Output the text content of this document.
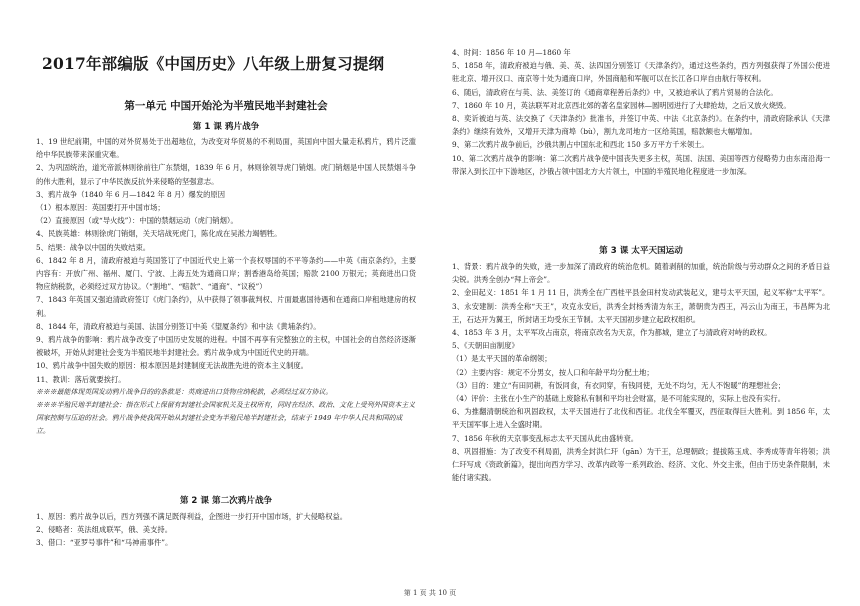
2017年部编版《中国历史》八年级上册复习提纲
第一单元 中国开始沦为半殖民地半封建社会
第 1 课 鸦片战争

1、19 世纪前期，中国的对外贸易处于出超地位，为改变对华贸易的不利局面，英国向中国大量走私鸦片，鸦片泛滥给中华民族带来深重灾难。

2、为巩固统治，道光帝派林则徐前往广东禁烟，1839 年 6 月，林则徐领导虎门销烟。虎门销烟是中国人民禁烟斗争的伟大胜利，显示了中华民族反抗外来侵略的坚强意志。

3、鸦片战争（1840 年 6 月—1842 年 8 月）爆发的原因

（1）根本原因：英国要打开中国市场；

（2）直接原因（或“导火线”）：中国的禁烟运动（虎门销烟）。

4、民族英雄：林则徐虎门销烟，关天培战死虎门，陈化成在吴淞力竭牺牲。

5、结果：战争以中国的失败结束。

6、1842 年 8 月，清政府被迫与英国签订了中国近代史上第一个丧权辱国的不平等条约——中英《南京条约》，主要内容有：开放广州、福州、厦门、宁波、上海五处为通商口岸；割香港岛给英国；赔款 2100 万银元；英商进出口货物应纳税款，必须经过双方协议。（“割地”、“赔款”、“通商”、“议税”）

7、1843 年英国又强迫清政府签订《虎门条约》，从中获得了领事裁判权、片面最惠国待遇和在通商口岸租地建房的权利。

8、1844 年，清政府被迫与美国、法国分别签订中美《望厦条约》和中法《黄埔条约》。

9、鸦片战争的影响：鸦片战争改变了中国历史发展的进程。中国不再享有完整独立的主权，中国社会的自然经济逐渐被破坏，开始从封建社会变为半殖民地半封建社会。鸦片战争成为中国近代史的开端。

10、鸦片战争中国失败的原因：根本原因是封建制度无法战胜先进的资本主义制度。

11、教训：落后就要挨打。

※※※最能体现英国发动鸦片战争目的的条款是：英商进出口货物应纳税款，必须经过双方协议。

※※※半殖民地半封建社会：指在形式上保留有封建社会国家机关及主权所有，同时在经济、政治、文化上受列外国资本主义国家控制与压迫的社会。鸦片战争使我国开始从封建社会变为半殖民地半封建社会，结束于 1949 年中华人民共和国的成立。

第 2 课 第二次鸦片战争

1、原因：鸦片战争以后，西方列强不满足既得利益，企图进一步打开中国市场，扩大侵略权益。

2、侵略者：英法组成联军，俄、美支持。

3、借口：“亚罗号事件”和“马神甫事件”。

4、时间：1856 年 10 月—1860 年

5、1858 年，清政府被迫与俄、美、英、法四国分别签订《天津条约》，通过这些条约，西方列强获得了外国公使进驻北京、增开汉口、南京等十处为通商口岸，外国商船和军舰可以在长江各口岸自由航行等权利。

6、随后，清政府在与英、法、美签订的《通商章程善后条约》中，又被迫承认了鸦片贸易的合法化。

7、1860 年 10 月，英法联军对北京西北郊的著名皇家园林—圆明园进行了大肆抢劫，之后又放火烧毁。

8、奕䜣被迫与英、法交换了《天津条约》批准书，并签订中英、中法《北京条约》。在条约中，清政府除承认《天津条约》继续有效外，又增开天津为商埠（bù），割九龙司地方一区给英国，赔款额也大幅增加。

9、第二次鸦片战争前后，沙俄共割占中国东北和西北 150 多万平方千米领土。

10、第二次鸦片战争的影响：第二次鸦片战争使中国丧失更多主权，英国、法国、美国等西方侵略势力由东南沿海一带深入到长江中下游地区，沙俄占领中国北方大片领土，中国的半殖民地化程度进一步加深。

第 3 课 太平天国运动

1、背景：鸦片战争的失败，进一步加深了清政府的统治危机。随着剥削的加重，统治阶级与劳动群众之间的矛盾日益尖锐。洪秀全创办“拜上帝会”。

2、金田起义：1851 年 1 月 11 日，洪秀全在广西桂平县金田村发动武装起义，建号太平天国，起义军称“太平军”。

3、永安建制：洪秀全称“天王”，攻克永安后，洪秀全封杨秀清为东王，萧朝贵为西王，冯云山为南王，韦昌辉为北王，石达开为翼王，所封诸王均受东王节制。太平天国初步建立起政权组织。

4、1853 年 3 月，太平军攻占南京，将南京改名为天京，作为都城，建立了与清政府对峙的政权。

5、《天朝田亩制度》

（1）是太平天国的革命纲领；

（2）主要内容：规定不分男女，按人口和年龄平均分配土地；

（3）目的：建立“有田同耕，有饭同食，有衣同穿，有钱同使，无处不均匀，无人不饱暖”的理想社会；

（4）评价：主张在小生产的基础上废除私有制和平均社会财富，是不可能实现的，实际上也没有实行。

6、为推翻清朝统治和巩固政权，太平天国进行了北伐和西征。北伐全军覆灭，西征取得巨大胜利。到 1856 年，太平天国军事上进入全盛时期。

7、1856 年秋的天京事变乱标志太平天国从此由盛转衰。

8、巩固措施：为了改变不利局面，洪秀全封洪仁玕（gān）为干王，总理朝政；提拔陈玉成、李秀成等青年将领；洪仁玕写成《资政新篇》，提出向西方学习、改革内政等一系列政治、经济、文化、外交主张，但由于历史条件限制，未能付诸实践。

第 1 页 共 10 页
